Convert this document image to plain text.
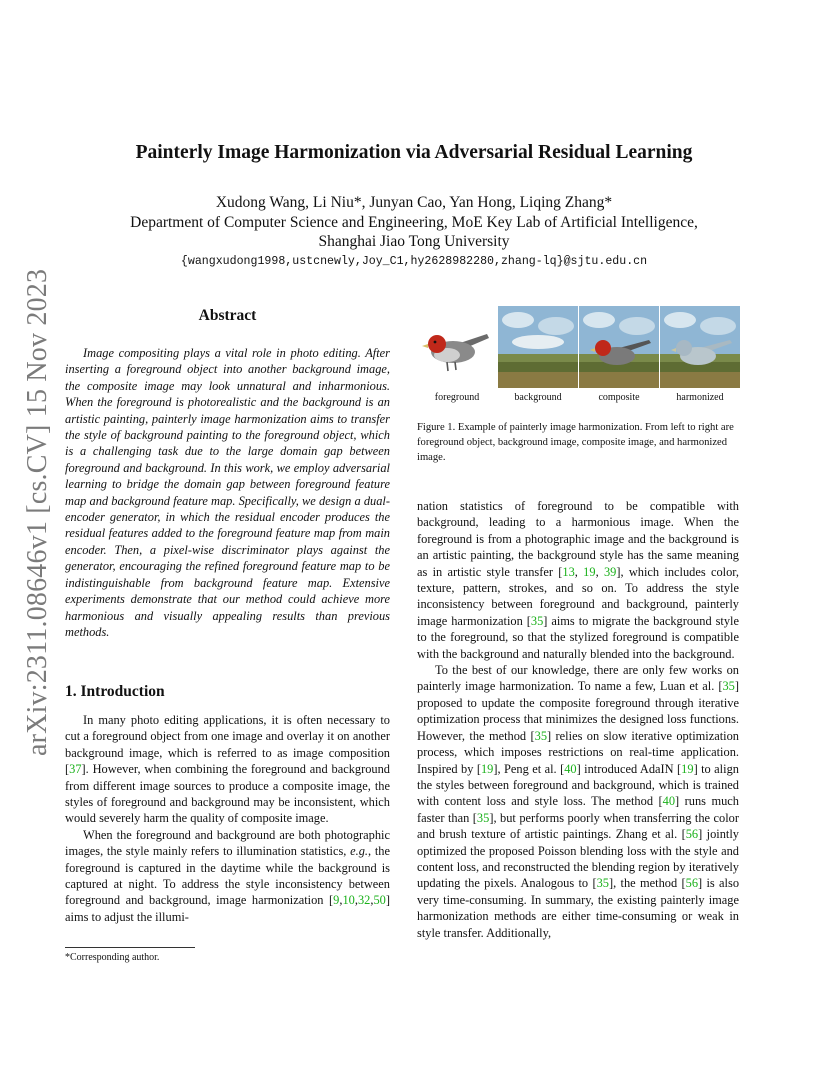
arXiv:2311.08646v1 [cs.CV] 15 Nov 2023
Painterly Image Harmonization via Adversarial Residual Learning
Xudong Wang, Li Niu*, Junyan Cao, Yan Hong, Liqing Zhang*
Department of Computer Science and Engineering, MoE Key Lab of Artificial Intelligence,
Shanghai Jiao Tong University
{wangxudong1998,ustcnewly,Joy_C1,hy2628982280,zhang-lq}@sjtu.edu.cn
Abstract

Image compositing plays a vital role in photo editing. After inserting a foreground object into another background image, the composite image may look unnatural and inharmonious. When the foreground is photorealistic and the background is an artistic painting, painterly image harmonization aims to transfer the style of background painting to the foreground object, which is a challenging task due to the large domain gap between foreground and background. In this work, we employ adversarial learning to bridge the domain gap between foreground feature map and background feature map. Specifically, we design a dual-encoder generator, in which the residual encoder produces the residual features added to the foreground feature map from main encoder. Then, a pixel-wise discriminator plays against the generator, encouraging the refined foreground feature map to be indistinguishable from background feature map. Extensive experiments demonstrate that our method could achieve more harmonious and visually appealing results than previous methods.

1. Introduction

In many photo editing applications, it is often necessary to cut a foreground object from one image and overlay it on another background image, which is referred to as image composition [37]. However, when combining the foreground and background from different image sources to produce a composite image, the styles of foreground and background may be inconsistent, which would severely harm the quality of composite image.

When the foreground and background are both photographic images, the style mainly refers to illumination statistics, e.g., the foreground is captured in the daytime while the background is captured at night. To address the style inconsistency between foreground and background, image harmonization [9,10,32,50] aims to adjust the illumi-

*Corresponding author.
foreground	background	composite	harmonized
Figure 1. Example of painterly image harmonization. From left to right are foreground object, background image, composite image, and harmonized image.

nation statistics of foreground to be compatible with background, leading to a harmonious image. When the foreground is from a photographic image and the background is an artistic painting, the background style has the same meaning as in artistic style transfer [13, 19, 39], which includes color, texture, pattern, strokes, and so on. To address the style inconsistency between foreground and background, painterly image harmonization [35] aims to migrate the background style to the foreground, so that the stylized foreground is compatible with the background and naturally blended into the background.

To the best of our knowledge, there are only few works on painterly image harmonization. To name a few, Luan et al. [35] proposed to update the composite foreground through iterative optimization process that minimizes the designed loss functions. However, the method [35] relies on slow iterative optimization process, which imposes restrictions on real-time application. Inspired by [19], Peng et al. [40] introduced AdaIN [19] to align the styles between foreground and background, which is trained with content loss and style loss. The method [40] runs much faster than [35], but performs poorly when transferring the color and brush texture of artistic paintings. Zhang et al. [56] jointly optimized the proposed Poisson blending loss with the style and content loss, and reconstructed the blending region by iteratively updating the pixels. Analogous to [35], the method [56] is also very time-consuming. In summary, the existing painterly image harmonization methods are either time-consuming or weak in style transfer. Additionally,
